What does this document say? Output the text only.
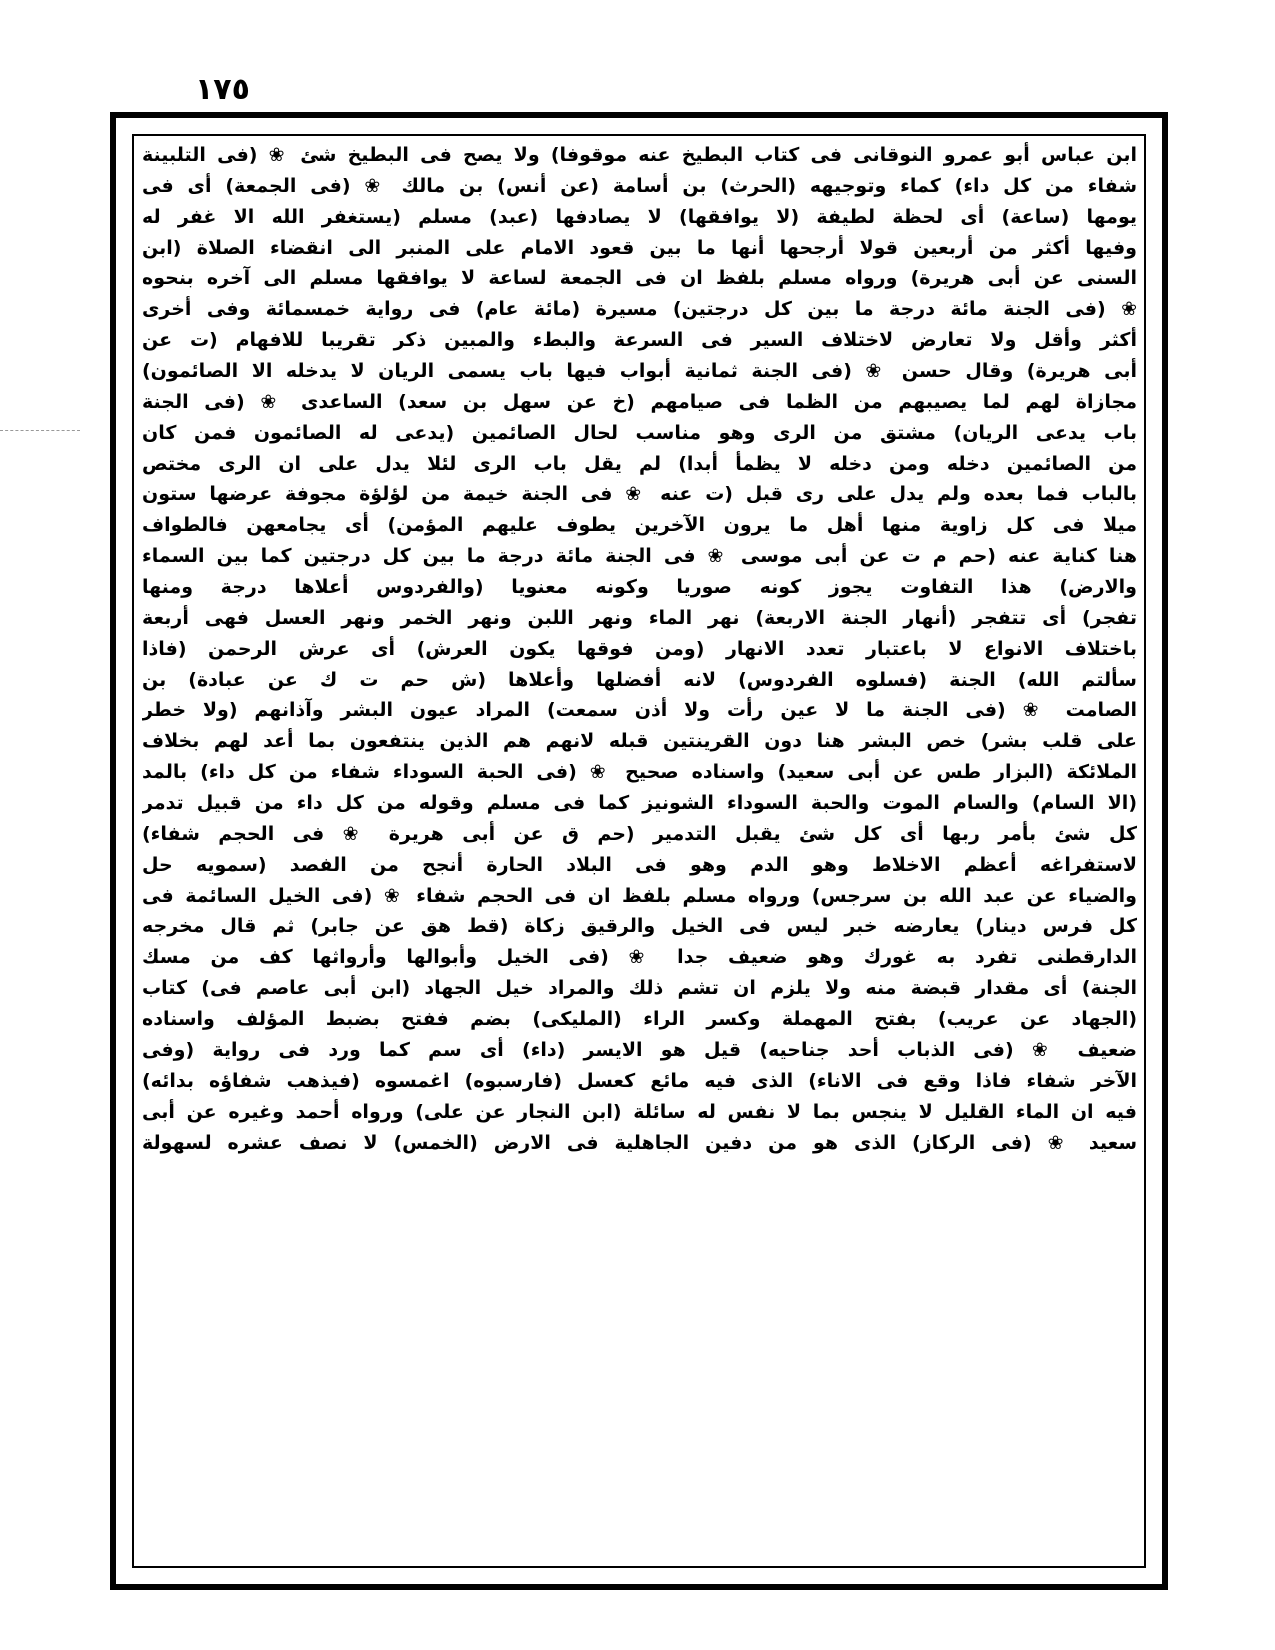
١٧٥
ابن عباس أبو عمرو النوقانى فى كتاب البطيخ عنه موقوفا) ولا يصح فى البطيخ شئ ❀ (فى التلبينة
شفاء من كل داء) كماء وتوجيهه (الحرث) بن أسامة (عن أنس) بن مالك ❀ (فى الجمعة) أى فى
يومها (ساعة) أى لحظة لطيفة (لا يوافقها) لا يصادفها (عبد) مسلم (يستغفر الله الا غفر له
وفيها أكثر من أربعين قولا أرجحها أنها ما بين قعود الامام على المنبر الى انقضاء الصلاة (ابن
السنى عن أبى هريرة) ورواه مسلم بلفظ ان فى الجمعة لساعة لا يوافقها مسلم الى آخره بنحوه
❀ (فى الجنة مائة درجة ما بين كل درجتين) مسيرة (مائة عام) فى رواية خمسمائة وفى أخرى
أكثر وأقل ولا تعارض لاختلاف السير فى السرعة والبطء والمبين ذكر تقريبا للافهام (ت عن
أبى هريرة) وقال حسن ❀ (فى الجنة ثمانية أبواب فيها باب يسمى الريان لا يدخله الا الصائمون)
مجازاة لهم لما يصيبهم من الظما فى صيامهم (خ عن سهل بن سعد) الساعدى ❀ (فى الجنة
باب يدعى الريان) مشتق من الرى وهو مناسب لحال الصائمين (يدعى له الصائمون فمن كان
من الصائمين دخله ومن دخله لا يظمأ أبدا) لم يقل باب الرى لئلا يدل على ان الرى مختص
بالباب فما بعده ولم يدل على رى قبل (ت عنه ❀ فى الجنة خيمة من لؤلؤة مجوفة عرضها ستون
ميلا فى كل زاوية منها أهل ما يرون الآخرين يطوف عليهم المؤمن) أى يجامعهن فالطواف
هنا كناية عنه (حم م ت عن أبى موسى ❀ فى الجنة مائة درجة ما بين كل درجتين كما بين السماء
والارض) هذا التفاوت يجوز كونه صوريا وكونه معنويا (والفردوس أعلاها درجة ومنها
تفجر) أى تتفجر (أنهار الجنة الاربعة) نهر الماء ونهر اللبن ونهر الخمر ونهر العسل فهى أربعة
باختلاف الانواع لا باعتبار تعدد الانهار (ومن فوقها يكون العرش) أى عرش الرحمن (فاذا
سألتم الله) الجنة (فسلوه الفردوس) لانه أفضلها وأعلاها (ش حم ت ك عن عبادة) بن
الصامت ❀ (فى الجنة ما لا عين رأت ولا أذن سمعت) المراد عيون البشر وآذانهم (ولا خطر
على قلب بشر) خص البشر هنا دون القرينتين قبله لانهم هم الذين ينتفعون بما أعد لهم بخلاف
الملائكة (البزار طس عن أبى سعيد) واسناده صحيح ❀ (فى الحبة السوداء شفاء من كل داء) بالمد
(الا السام) والسام الموت والحبة السوداء الشونيز كما فى مسلم وقوله من كل داء من قبيل تدمر
كل شئ بأمر ربها أى كل شئ يقبل التدمير (حم ق عن أبى هريرة ❀ فى الحجم شفاء)
لاستفراغه أعظم الاخلاط وهو الدم وهو فى البلاد الحارة أنجح من الفصد (سمويه حل
والضياء عن عبد الله بن سرجس) ورواه مسلم بلفظ ان فى الحجم شفاء ❀ (فى الخيل السائمة فى
كل فرس دينار) يعارضه خبر ليس فى الخيل والرقيق زكاة (قط هق عن جابر) ثم قال مخرجه
الدارقطنى تفرد به غورك وهو ضعيف جدا ❀ (فى الخيل وأبوالها وأرواثها كف من مسك
الجنة) أى مقدار قبضة منه ولا يلزم ان تشم ذلك والمراد خيل الجهاد (ابن أبى عاصم فى) كتاب
(الجهاد عن عريب) بفتح المهملة وكسر الراء (المليكى) بضم ففتح بضبط المؤلف واسناده
ضعيف ❀ (فى الذباب أحد جناحيه) قيل هو الايسر (داء) أى سم كما ورد فى رواية (وفى
الآخر شفاء فاذا وقع فى الاناء) الذى فيه مائع كعسل (فارسبوه) اغمسوه (فيذهب شفاؤه بدائه)
فيه ان الماء القليل لا ينجس بما لا نفس له سائلة (ابن النجار عن على) ورواه أحمد وغيره عن أبى
سعيد ❀ (فى الركاز) الذى هو من دفين الجاهلية فى الارض (الخمس) لا نصف عشره لسهولة
